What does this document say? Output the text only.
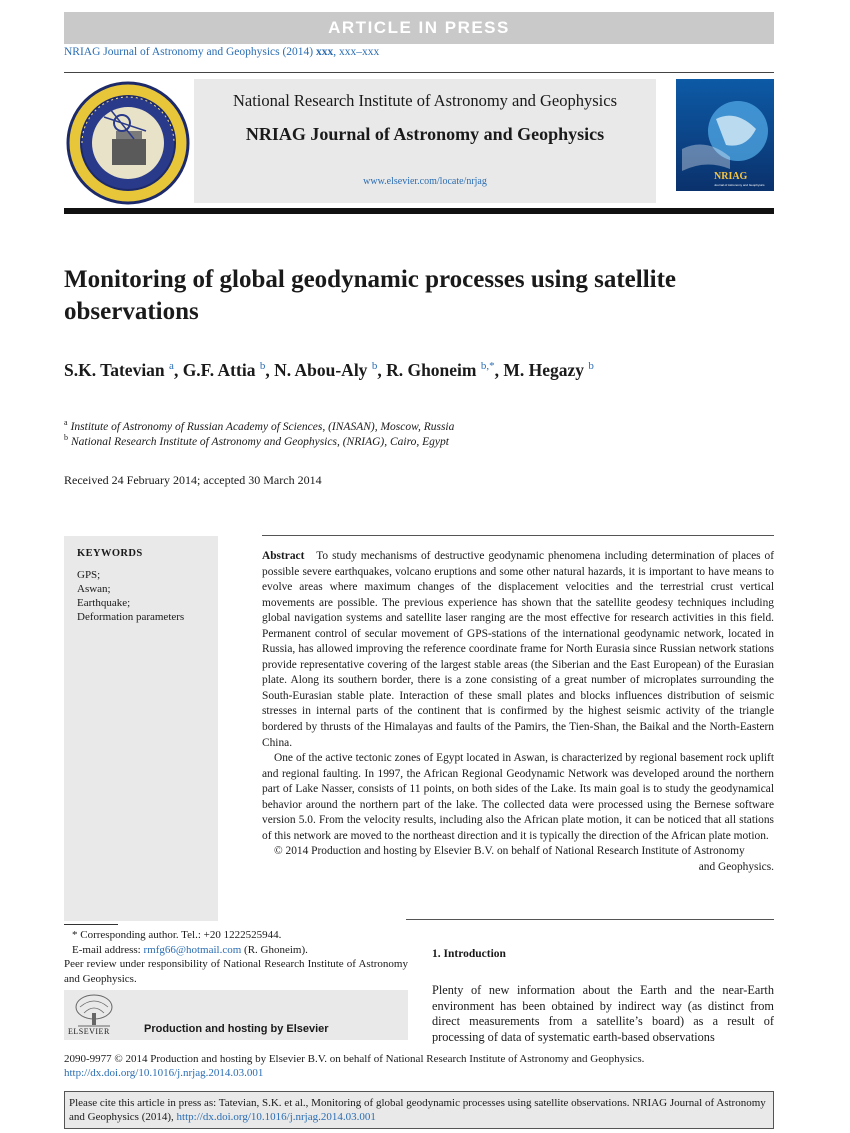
ARTICLE IN PRESS
NRIAG Journal of Astronomy and Geophysics (2014) xxx, xxx–xxx
National Research Institute of Astronomy and Geophysics
NRIAG Journal of Astronomy and Geophysics
www.elsevier.com/locate/nrjag	NRIAG
Journal of Astronomy and Geophysics
Monitoring of global geodynamic processes using satellite observations
S.K. Tatevian $^a$, G.F. Attia $^b$, N. Abou-Aly $^b$, R. Ghoneim $^{b,*}$, M. Hegazy $^b$
$^a$ Institute of Astronomy of Russian Academy of Sciences, (INASAN), Moscow, Russia
$^b$ National Research Institute of Astronomy and Geophysics, (NRIAG), Cairo, Egypt
Received 24 February 2014; accepted 30 March 2014
KEYWORDS
GPS;
Aswan;
Earthquake;
Deformation parameters

Abstract To study mechanisms of destructive geodynamic phenomena including determination of places of possible severe earthquakes, volcano eruptions and some other natural hazards, it is important to have means to evolve areas where maximum changes of the displacement velocities and the terrestrial crust vertical movements are possible. The previous experience has shown that the satellite geodesy techniques including global navigation systems and satellite laser ranging are the most effective for research activities in this field. Permanent control of secular movement of GPS-stations of the international geodynamic network, located in Russia, has allowed improving the reference coordinate frame for North Eurasia since Russian network stations provide representative covering of the largest stable areas (the Siberian and the East European) of the Eurasian plate. Along its southern border, there is a zone consisting of a great number of microplates surrounding the South-Eurasian stable plate. Interaction of these small plates and blocks influences distribution of seismic stresses in internal parts of the continent that is confirmed by the highest seismic activity of the triangle bordered by thrusts of the Himalayas and faults of the Pamirs, the Tien-Shan, the Baikal and the North-Eastern China.

One of the active tectonic zones of Egypt located in Aswan, is characterized by regional basement rock uplift and regional faulting. In 1997, the African Regional Geodynamic Network was developed around the northern part of Lake Nasser, consists of 11 points, on both sides of the Lake. Its main goal is to study the geodynamical behavior around the northern part of the lake. The collected data were processed using the Bernese software version 5.0. From the velocity results, including also the African plate motion, it can be noticed that all stations of this network are moved to the northeast direction and it is typically the direction of the African plate motion.

© 2014 Production and hosting by Elsevier B.V. on behalf of National Research Institute of Astronomy

and Geophysics.

* Corresponding author. Tel.: +20 1222525944.
E-mail address: rmfg66@hotmail.com (R. Ghoneim).
Peer review under responsibility of National Research Institute of Astronomy and Geophysics.
ELSEVIER	Production and hosting by Elsevier
1. Introduction
Plenty of new information about the Earth and the near-Earth environment has been obtained by indirect way (as distinct from direct measurements from a satellite’s board) as a result of processing of data of systematic earth-based observations
2090-9977 © 2014 Production and hosting by Elsevier B.V. on behalf of National Research Institute of Astronomy and Geophysics.
http://dx.doi.org/10.1016/j.nrjag.2014.03.001
Please cite this article in press as: Tatevian, S.K. et al., Monitoring of global geodynamic processes using satellite observations. NRIAG Journal of Astronomy and Geophysics (2014), http://dx.doi.org/10.1016/j.nrjag.2014.03.001
